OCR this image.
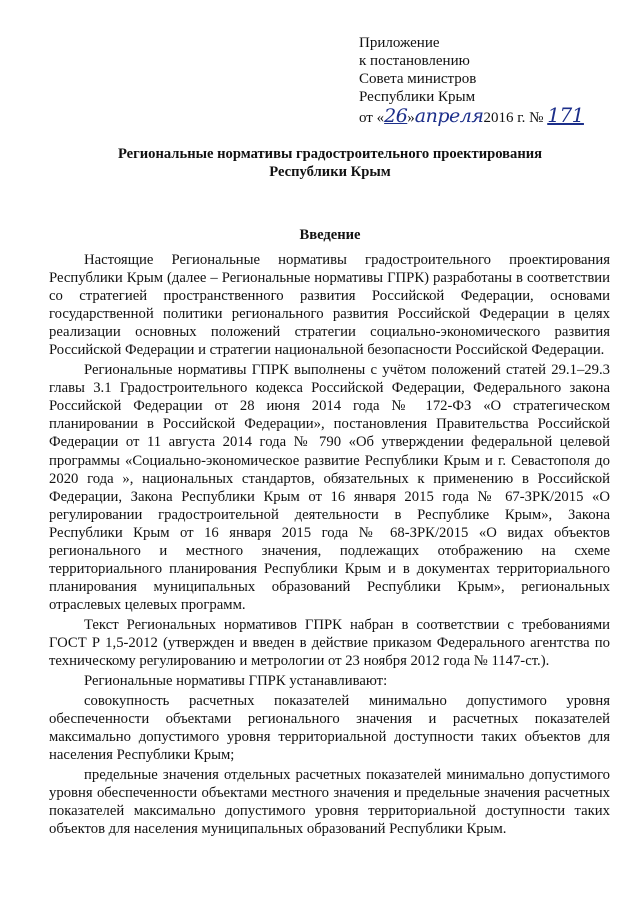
Приложение
к постановлению
Совета министров
Республики Крым
от «26»апреля2016 г. № 171
Региональные нормативы градостроительного проектирования
Республики Крым
Введение

Настоящие Региональные нормативы градостроительного проектирования Республики Крым (далее – Региональные нормативы ГПРК) разработаны в соответствии со стратегией пространственного развития Российской Федерации, основами государственной политики регионального развития Российской Федерации в целях реализации основных положений стратегии социально-экономического развития Российской Федерации и стратегии национальной безопасности Российской Федерации.

Региональные нормативы ГПРК выполнены с учётом положений статей 29.1–29.3 главы 3.1 Градостроительного кодекса Российской Федерации, Федерального закона Российской Федерации от 28 июня 2014 года № 172-ФЗ «О стратегическом планировании в Российской Федерации», постановления Правительства Российской Федерации от 11 августа 2014 года № 790 «Об утверждении федеральной целевой программы «Социально-экономическое развитие Республики Крым и г. Севастополя до 2020 года », национальных стандартов, обязательных к применению в Российской Федерации, Закона Республики Крым от 16 января 2015 года № 67-ЗРК/2015 «О регулировании градостроительной деятельности в Республике Крым», Закона Республики Крым от 16 января 2015 года № 68-ЗРК/2015 «О видах объектов регионального и местного значения, подлежащих отображению на схеме территориального планирования Республики Крым и в документах территориального планирования муниципальных образований Республики Крым», региональных отраслевых целевых программ.

Текст Региональных нормативов ГПРК набран в соответствии с требованиями ГОСТ Р 1,5-2012 (утвержден и введен в действие приказом Федерального агентства по техническому регулированию и метрологии от 23 ноября 2012 года № 1147-ст.).

Региональные нормативы ГПРК устанавливают:

совокупность расчетных показателей минимально допустимого уровня обеспеченности объектами регионального значения и расчетных показателей максимально допустимого уровня территориальной доступности таких объектов для населения Республики Крым;

предельные значения отдельных расчетных показателей минимально допустимого уровня обеспеченности объектами местного значения и предельные значения расчетных показателей максимально допустимого уровня территориальной доступности таких объектов для населения муниципальных образований Республики Крым.
